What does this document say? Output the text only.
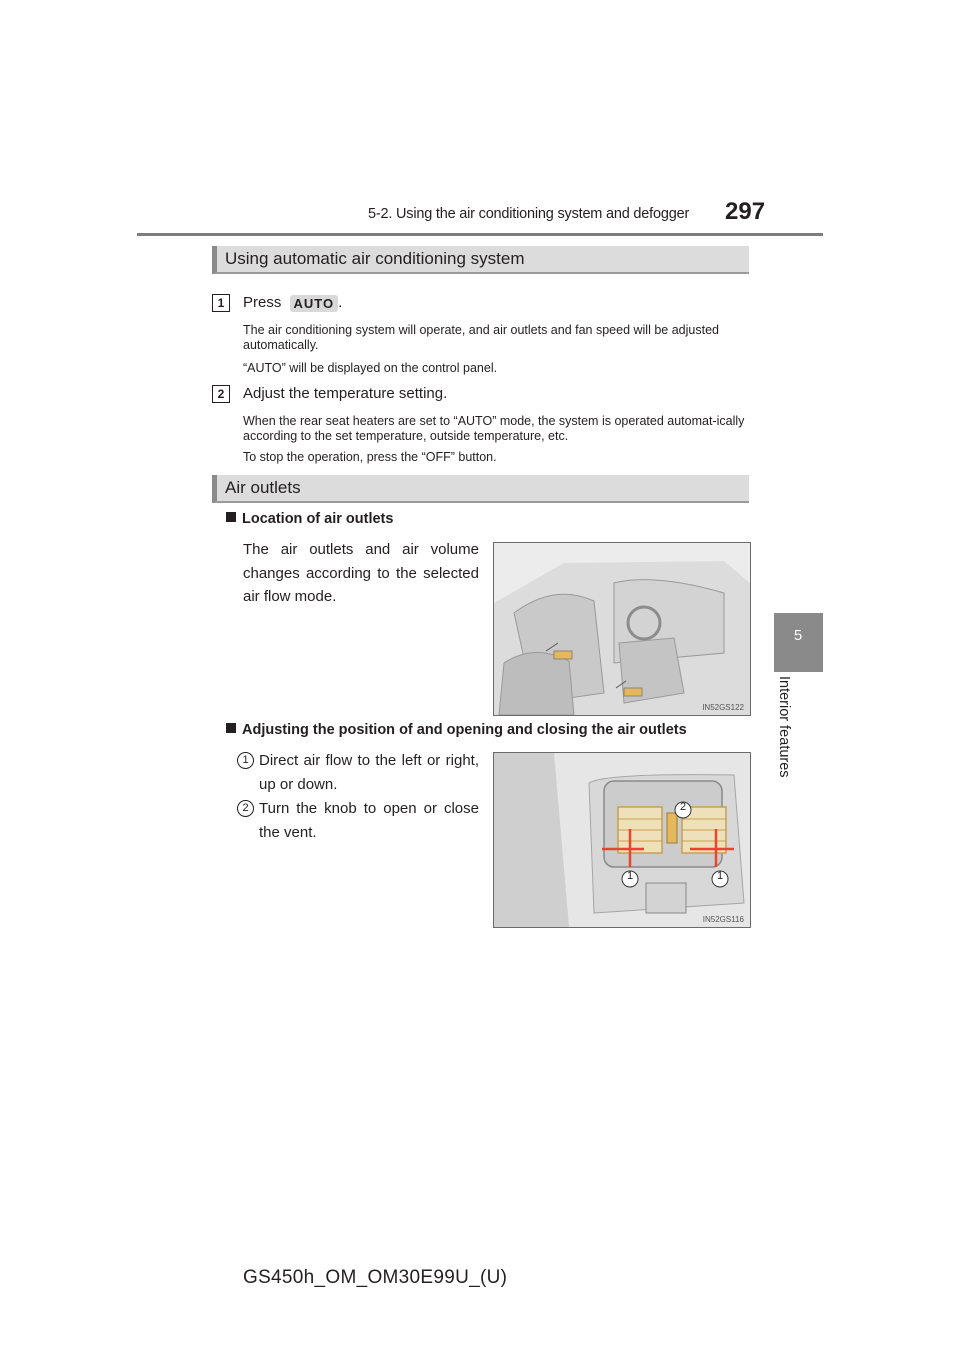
5-2. Using the air conditioning system and defogger 297
5
Interior features
Using automatic air conditioning system
1	Press AUTO .
The air conditioning system will operate, and air outlets and fan speed will be adjusted automatically.
“AUTO” will be displayed on the control panel.
2	Adjust the temperature setting.
When the rear seat heaters are set to “AUTO” mode, the system is operated automat-ically according to the set temperature, outside temperature, etc.
To stop the operation, press the “OFF” button.
Air outlets
Location of air outlets
The air outlets and air volume changes according to the selected air flow mode.
IN52GS122
Adjusting the position of and opening and closing the air outlets
1 Direct air flow to the left or right, up or down.
2 Turn the knob to open or close the vent.
2
1	1
IN52GS116
GS450h_OM_OM30E99U_(U)
